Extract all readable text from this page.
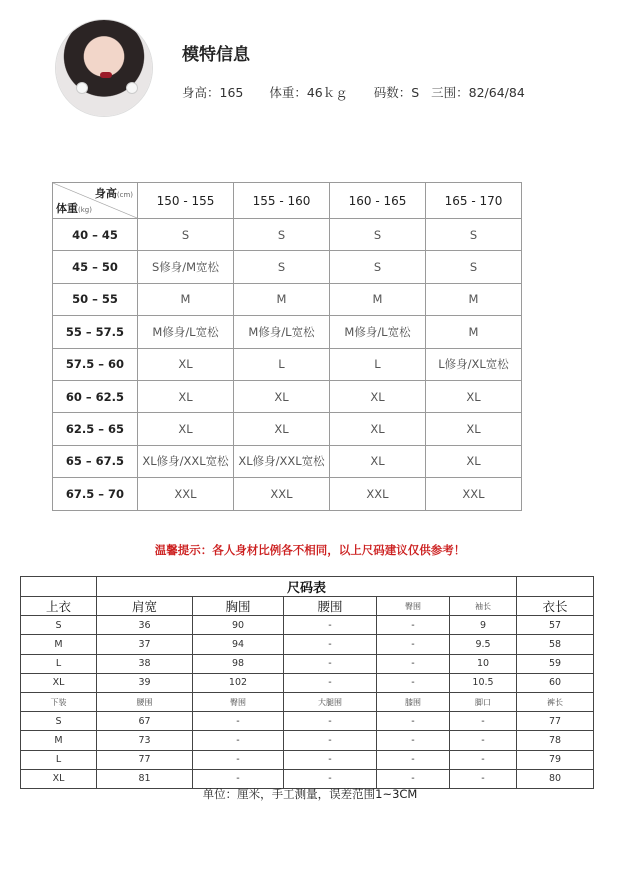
模特信息
身高：165 体重：46ｋｇ 码数：S 三围：82/64/84
身高(cm)
体重(kg)	150 - 155	155 - 160	160 - 165	165 - 170
40 – 45	S	S	S	S
45 – 50	S修身/M宽松	S	S	S
50 – 55	M	M	M	M
55 – 57.5	M修身/L宽松	M修身/L宽松	M修身/L宽松	M
57.5 – 60	XL	L	L	L修身/XL宽松
60 – 62.5	XL	XL	XL	XL
62.5 – 65	XL	XL	XL	XL
65 – 67.5	XL修身/XXL宽松	XL修身/XXL宽松	XL	XL
67.5 – 70	XXL	XXL	XXL	XXL
温馨提示：各人身材比例各不相同，以上尺码建议仅供参考！
	尺码表					
上衣	肩宽	胸围	腰围	臀围	袖长	衣长
S	36	90	-	-	9	57
M	37	94	-	-	9.5	58
L	38	98	-	-	10	59
XL	39	102	-	-	10.5	60
下装	腰围	臀围	大腿围	膝围	脚口	裤长
S	67	-	-	-	-	77
M	73	-	-	-	-	78
L	77	-	-	-	-	79
XL	81	-	-	-	-	80
单位：厘米，手工测量，误差范围1~3CM
